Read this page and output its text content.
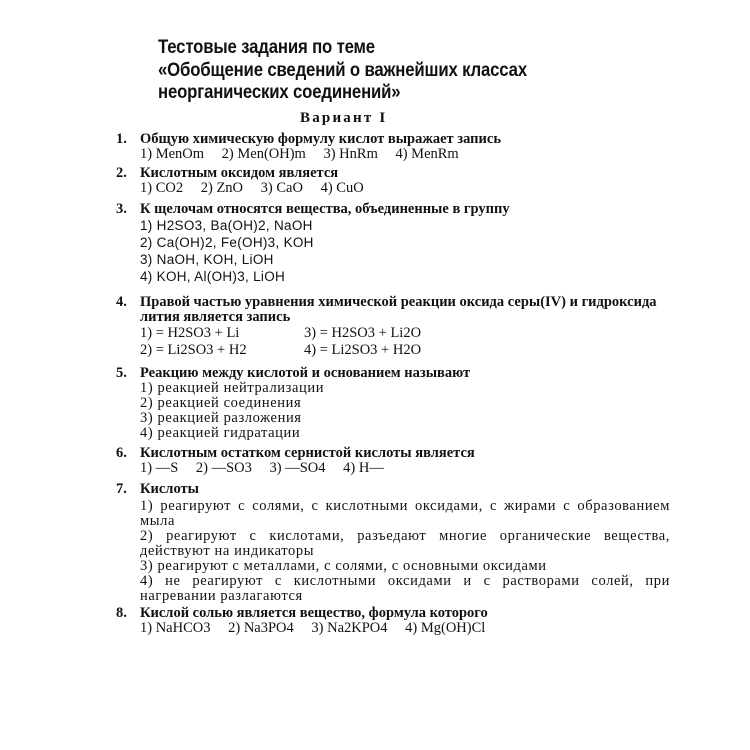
Тестовые задания по теме
«Обобщение сведений о важнейших классах
неорганических соединений»
Вариант I
1. Общую химическую формулу кислот выражает запись
1) MenOm 2) Men(OH)m 3) HnRm 4) MenRm
2. Кислотным оксидом является
1) CO2 2) ZnO 3) CaO 4) CuO
3. К щелочам относятся вещества, объединенные в группу
1) H2SO3, Ba(OH)2, NaOH
2) Ca(OH)2, Fe(OH)3, KOH
3) NaOH, KOH, LiOH
4) KOH, Al(OH)3, LiOH
4. Правой частью уравнения химической реакции оксида серы(IV) и гидроксида лития является запись
1) = H2SO3 + Li	3) = H2SO3 + Li2O
2) = Li2SO3 + H2	4) = Li2SO3 + H2O
5. Реакцию между кислотой и основанием называют
1) реакцией нейтрализации
2) реакцией соединения
3) реакцией разложения
4) реакцией гидратации
6. Кислотным остатком сернистой кислоты является
1) —S 2) —SO3 3) —SO4 4) H—
7. Кислоты
1) реагируют с солями, с кислотными оксидами, с жирами с образованием мыла
2) реагируют с кислотами, разъедают многие органические вещества, действуют на индикаторы
3) реагируют с металлами, с солями, с основными оксидами
4) не реагируют с кислотными оксидами и с растворами солей, при нагревании разлагаются
8. Кислой солью является вещество, формула которого
1) NaHCO3 2) Na3PO4 3) Na2KPO4 4) Mg(OH)Cl
